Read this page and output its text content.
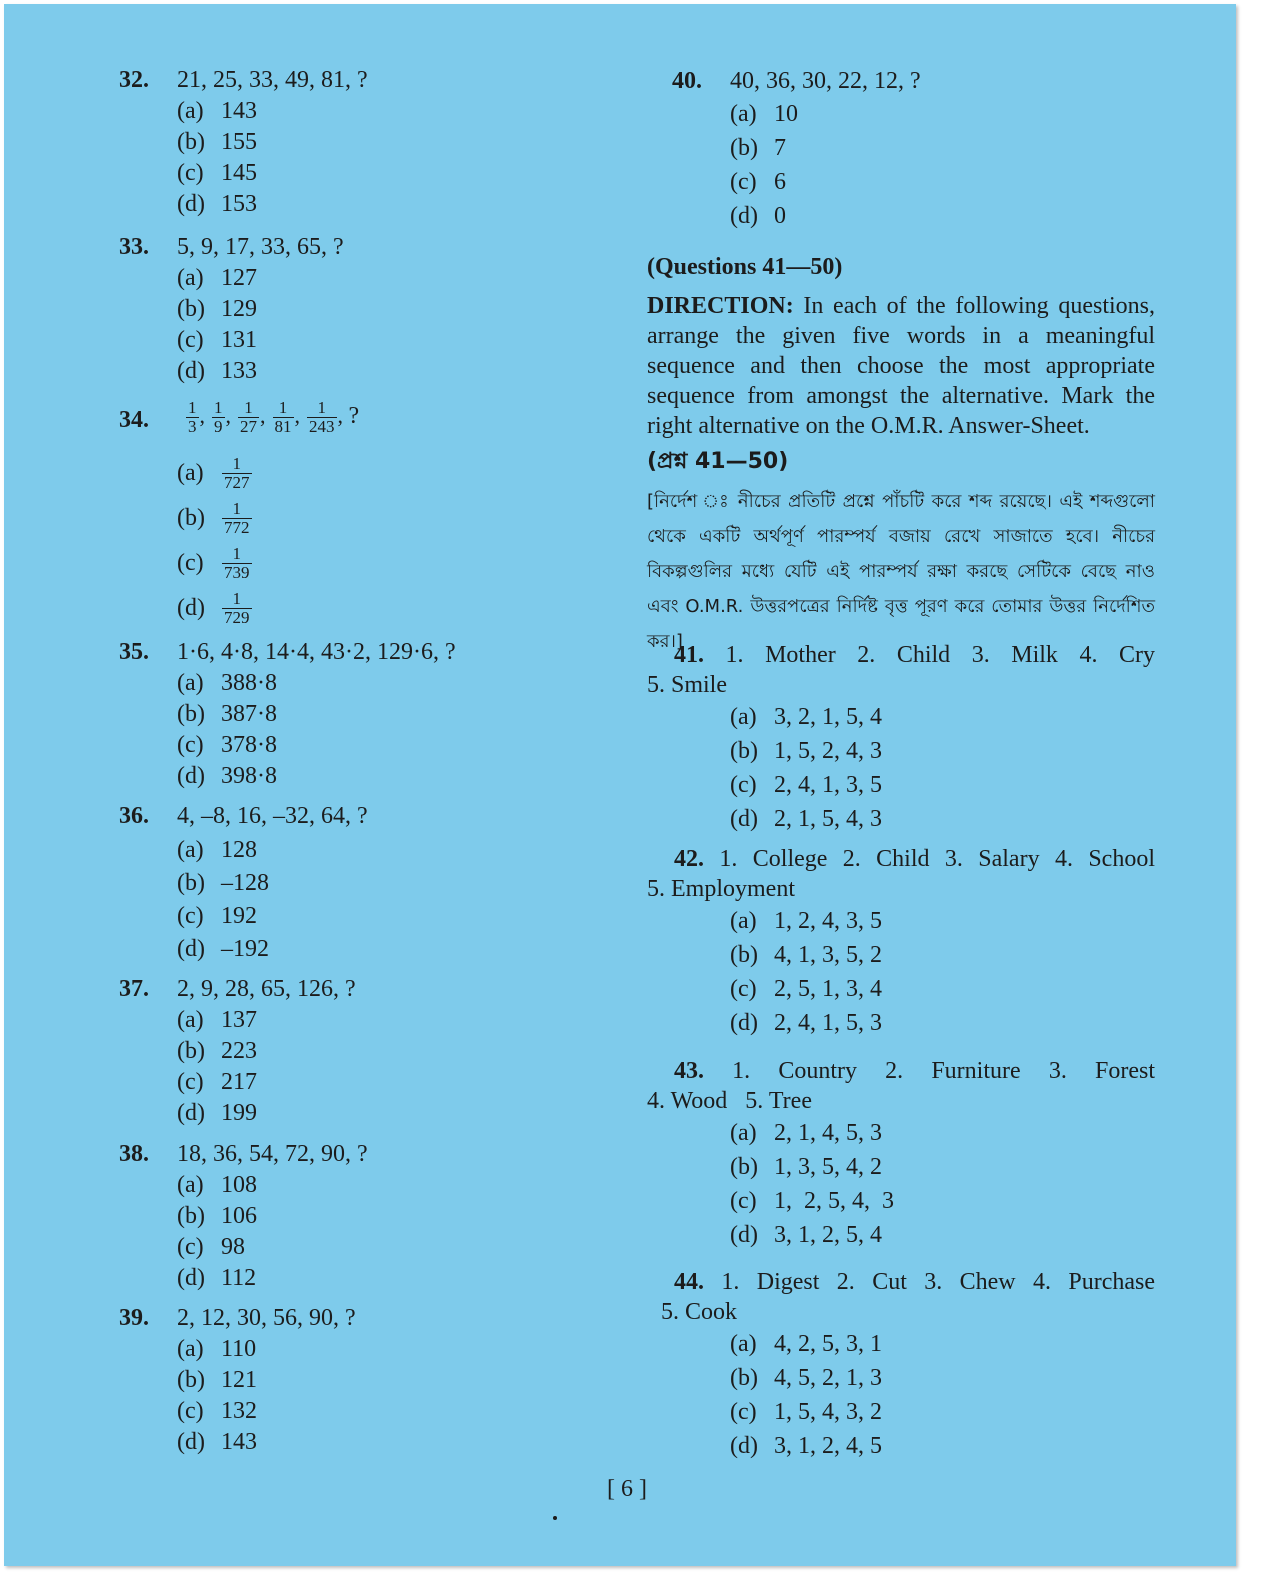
32. 21, 25, 33, 49, 81, ?
(a) 143
(b) 155
(c) 145
(d) 153
33. 5, 9, 17, 33, 65, ?
(a) 127
(b) 129
(c) 131
(d) 133
34. $\frac{1}{3}$ , $\frac{1}{9}$ , $\frac{1}{27}$ , $\frac{1}{81}$ , $\frac{1}{243}$ , ?
(a)	$\frac{1}{727}$
(b)	$\frac{1}{772}$
(c)	$\frac{1}{739}$
(d)	$\frac{1}{729}$
35. 1·6, 4·8, 14·4, 43·2, 129·6, ?
(a) 388·8
(b) 387·8
(c) 378·8
(d) 398·8
36. 4, –8, 16, –32, 64, ?
(a) 128
(b) –128
(c) 192
(d) –192
37. 2, 9, 28, 65, 126, ?
(a) 137
(b) 223
(c) 217
(d) 199
38. 18, 36, 54, 72, 90, ?
(a) 108
(b) 106
(c) 98
(d) 112
39. 2, 12, 30, 56, 90, ?
(a) 110
(b) 121
(c) 132
(d) 143
40. 40, 36, 30, 22, 12, ?
(a) 10
(b) 7
(c) 6
(d) 0
(Questions 41—50)
DIRECTION: In each of the following questions, arrange the given five words in a meaningful sequence and then choose the most appropriate sequence from amongst the alternative. Mark the right alternative on the O.M.R. Answer-Sheet.
(প্রশ্ন 41—50)
[নির্দেশ ঃ নীচের প্রতিটি প্রশ্নে পাঁচটি করে শব্দ রয়েছে। এই শব্দগুলো থেকে একটি অর্থপূর্ণ পারম্পর্য বজায় রেখে সাজাতে হবে। নীচের বিকল্পগুলির মধ্যে যেটি এই পারম্পর্য রক্ষা করছে সেটিকে বেছে নাও এবং O.M.R. উত্তরপত্রের নির্দিষ্ট বৃত্ত পূরণ করে তোমার উত্তর নির্দেশিত কর।]
41. 1. Mother 2. Child 3. Milk 4. Cry
5. Smile
(a) 3, 2, 1, 5, 4
(b) 1, 5, 2, 4, 3
(c) 2, 4, 1, 3, 5
(d) 2, 1, 5, 4, 3
42. 1. College 2. Child 3. Salary 4. School
5. Employment
(a) 1, 2, 4, 3, 5
(b) 4, 1, 3, 5, 2
(c) 2, 5, 1, 3, 4
(d) 2, 4, 1, 5, 3
43. 1. Country 2. Furniture 3. Forest
4. Wood   5. Tree
(a) 2, 1, 4, 5, 3
(b) 1, 3, 5, 4, 2
(c) 1,  2, 5, 4,  3
(d) 3, 1, 2, 5, 4
44. 1. Digest 2. Cut 3. Chew 4. Purchase
5. Cook
(a) 4, 2, 5, 3, 1
(b) 4, 5, 2, 1, 3
(c) 1, 5, 4, 3, 2
(d) 3, 1, 2, 4, 5
[ 6 ]
